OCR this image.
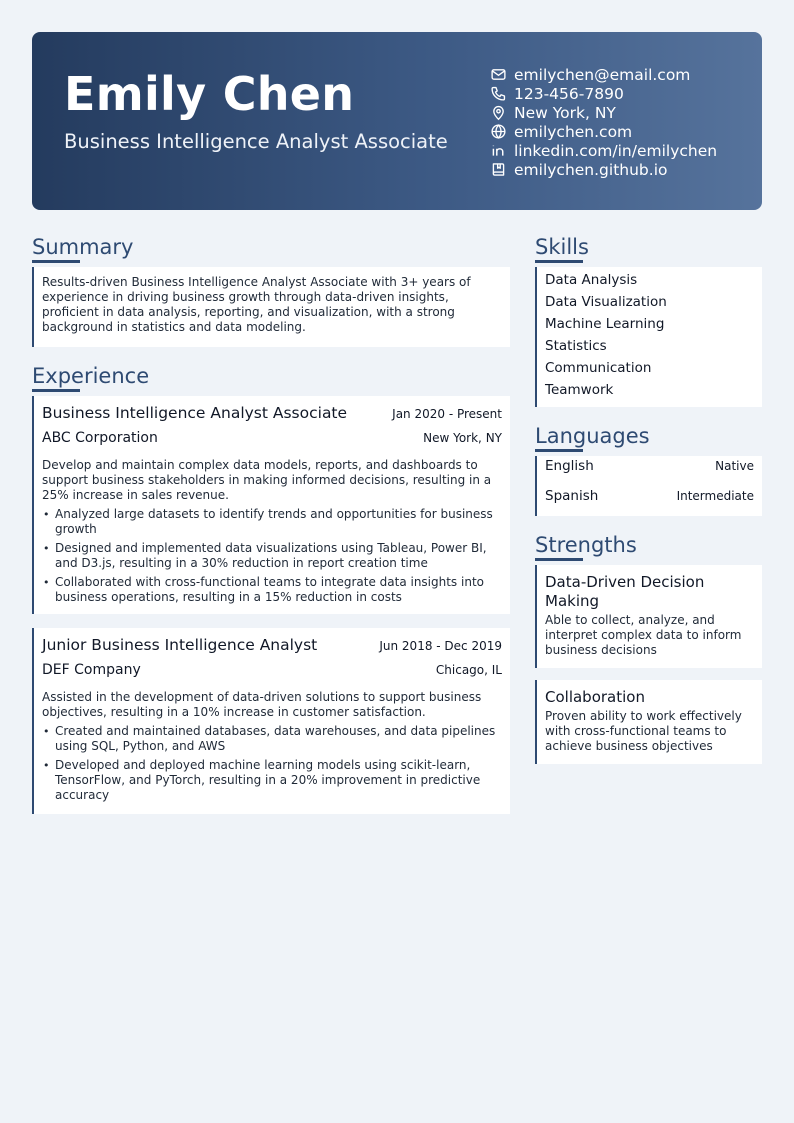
Emily Chen
Business Intelligence Analyst Associate
emilychen@email.com
123-456-7890
New York, NY
emilychen.com
linkedin.com/in/emilychen
emilychen.github.io
Summary

Results-driven Business Intelligence Analyst Associate with 3+ years of experience in driving business growth through data-driven insights, proficient in data analysis, reporting, and visualization, with a strong background in statistics and data modeling.

Experience
Business Intelligence Analyst Associate	Jan 2020 - Present
ABC Corporation	New York, NY

Develop and maintain complex data models, reports, and dashboards to support business stakeholders in making informed decisions, resulting in a 25% increase in sales revenue.

• Analyzed large datasets to identify trends and opportunities for business growth
• Designed and implemented data visualizations using Tableau, Power BI, and D3.js, resulting in a 30% reduction in report creation time
• Collaborated with cross-functional teams to integrate data insights into business operations, resulting in a 15% reduction in costs
Junior Business Intelligence Analyst	Jun 2018 - Dec 2019
DEF Company	Chicago, IL

Assisted in the development of data-driven solutions to support business objectives, resulting in a 10% increase in customer satisfaction.

• Created and maintained databases, data warehouses, and data pipelines using SQL, Python, and AWS
• Developed and deployed machine learning models using scikit-learn, TensorFlow, and PyTorch, resulting in a 20% improvement in predictive accuracy
Skills
Data Analysis
Data Visualization
Machine Learning
Statistics
Communication
Teamwork
Languages
English	Native
Spanish	Intermediate
Strengths
Data-Driven Decision Making

Able to collect, analyze, and interpret complex data to inform business decisions

Collaboration

Proven ability to work effectively with cross-functional teams to achieve business objectives
